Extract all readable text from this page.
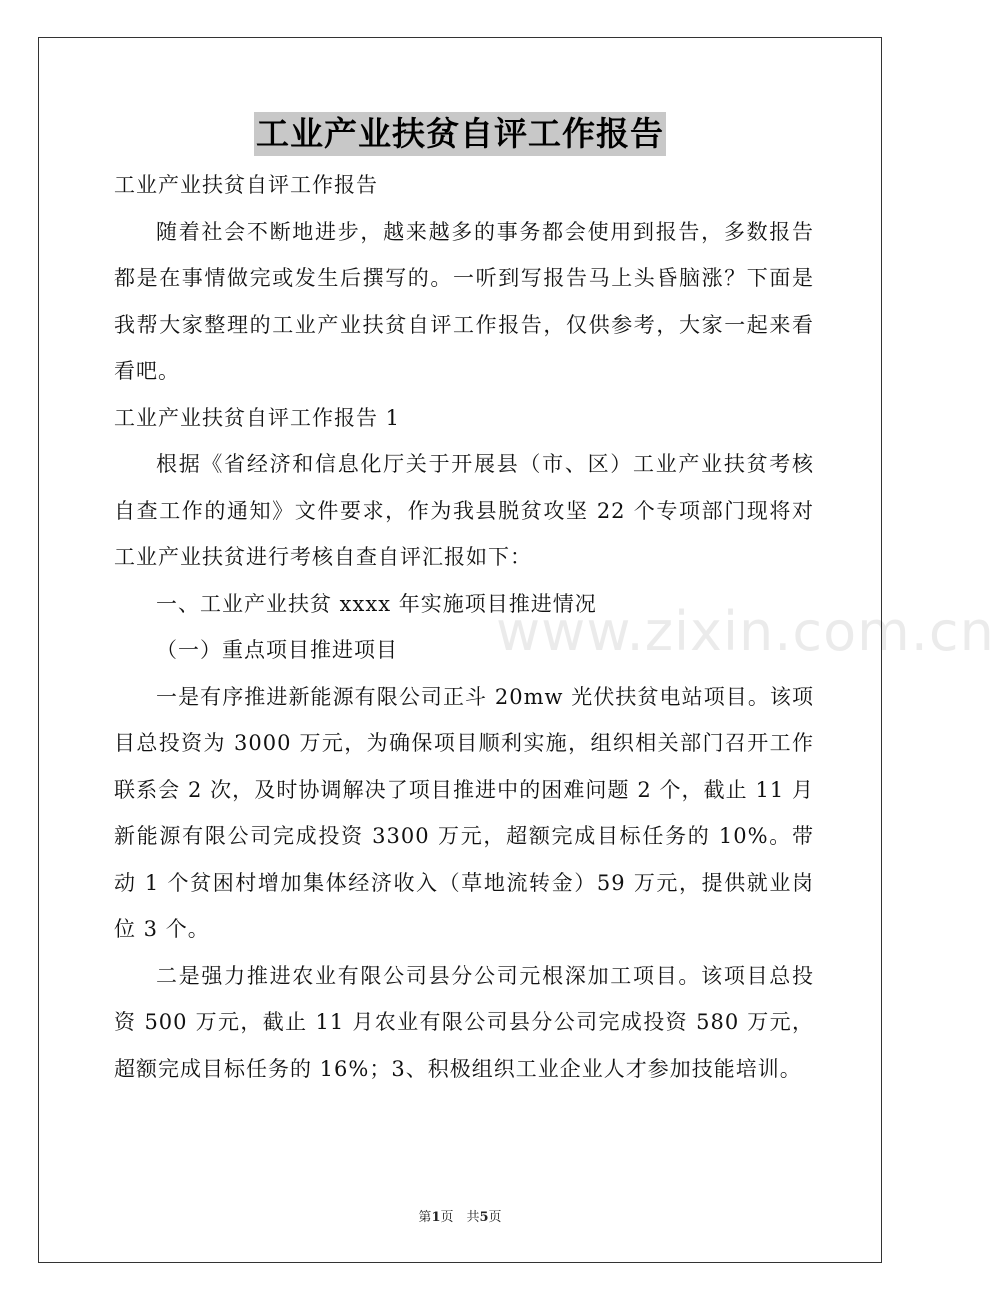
工业产业扶贫自评工作报告

工业产业扶贫自评工作报告

随着社会不断地进步，越来越多的事务都会使用到报告，多数报告都是在事情做完或发生后撰写的。一听到写报告马上头昏脑涨？下面是我帮大家整理的工业产业扶贫自评工作报告，仅供参考，大家一起来看看吧。

工业产业扶贫自评工作报告 1

根据《省经济和信息化厅关于开展县（市、区）工业产业扶贫考核自查工作的通知》文件要求，作为我县脱贫攻坚 22 个专项部门现将对工业产业扶贫进行考核自查自评汇报如下：

一、工业产业扶贫 xxxx 年实施项目推进情况

（一）重点项目推进项目

一是有序推进新能源有限公司正斗 20mw 光伏扶贫电站项目。该项目总投资为 3000 万元，为确保项目顺利实施，组织相关部门召开工作联系会 2 次，及时协调解决了项目推进中的困难问题 2 个，截止 11 月新能源有限公司完成投资 3300 万元，超额完成目标任务的 10%。带动 1 个贫困村增加集体经济收入（草地流转金）59 万元，提供就业岗位 3 个。

二是强力推进农业有限公司县分公司元根深加工项目。该项目总投资 500 万元，截止 11 月农业有限公司县分公司完成投资 580 万元，超额完成目标任务的 16%；3、积极组织工业企业人才参加技能培训。

www.zixin.com.cn
第1页　共5页
